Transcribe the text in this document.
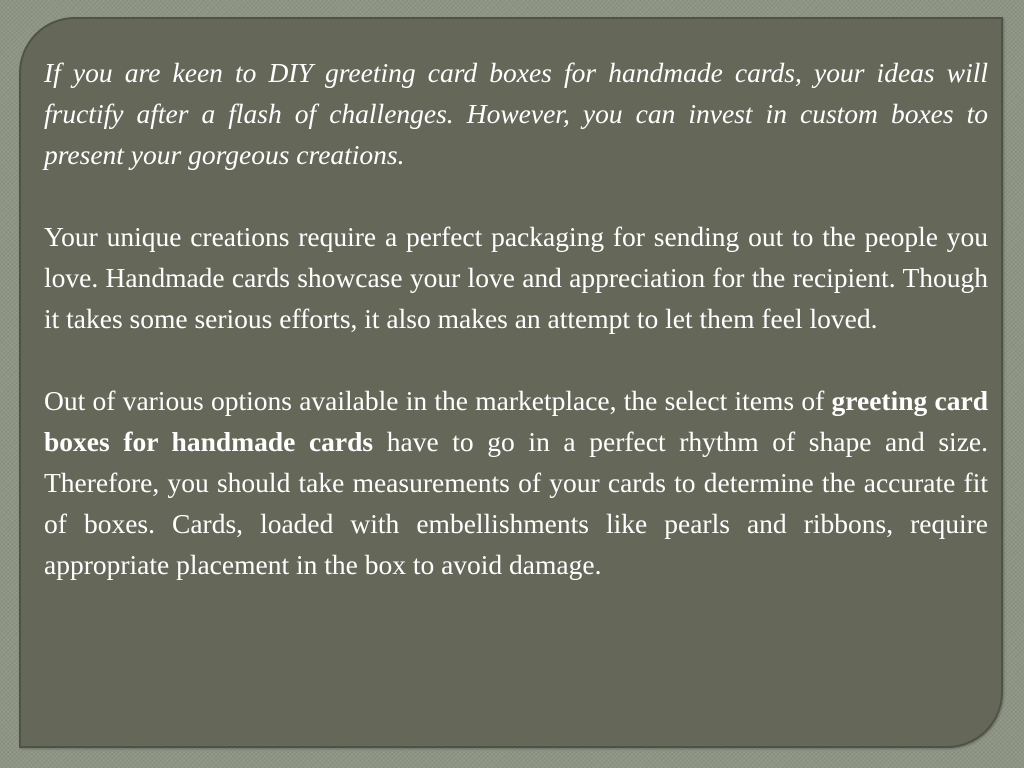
If you are keen to DIY greeting card boxes for handmade cards, your ideas will fructify after a flash of challenges. However, you can invest in custom boxes to present your gorgeous creations.

Your unique creations require a perfect packaging for sending out to the people you love. Handmade cards showcase your love and appreciation for the recipient. Though it takes some serious efforts, it also makes an attempt to let them feel loved.

Out of various options available in the marketplace, the select items of greeting card boxes for handmade cards have to go in a perfect rhythm of shape and size. Therefore, you should take measurements of your cards to determine the accurate fit of boxes. Cards, loaded with embellishments like pearls and ribbons, require appropriate placement in the box to avoid damage.
